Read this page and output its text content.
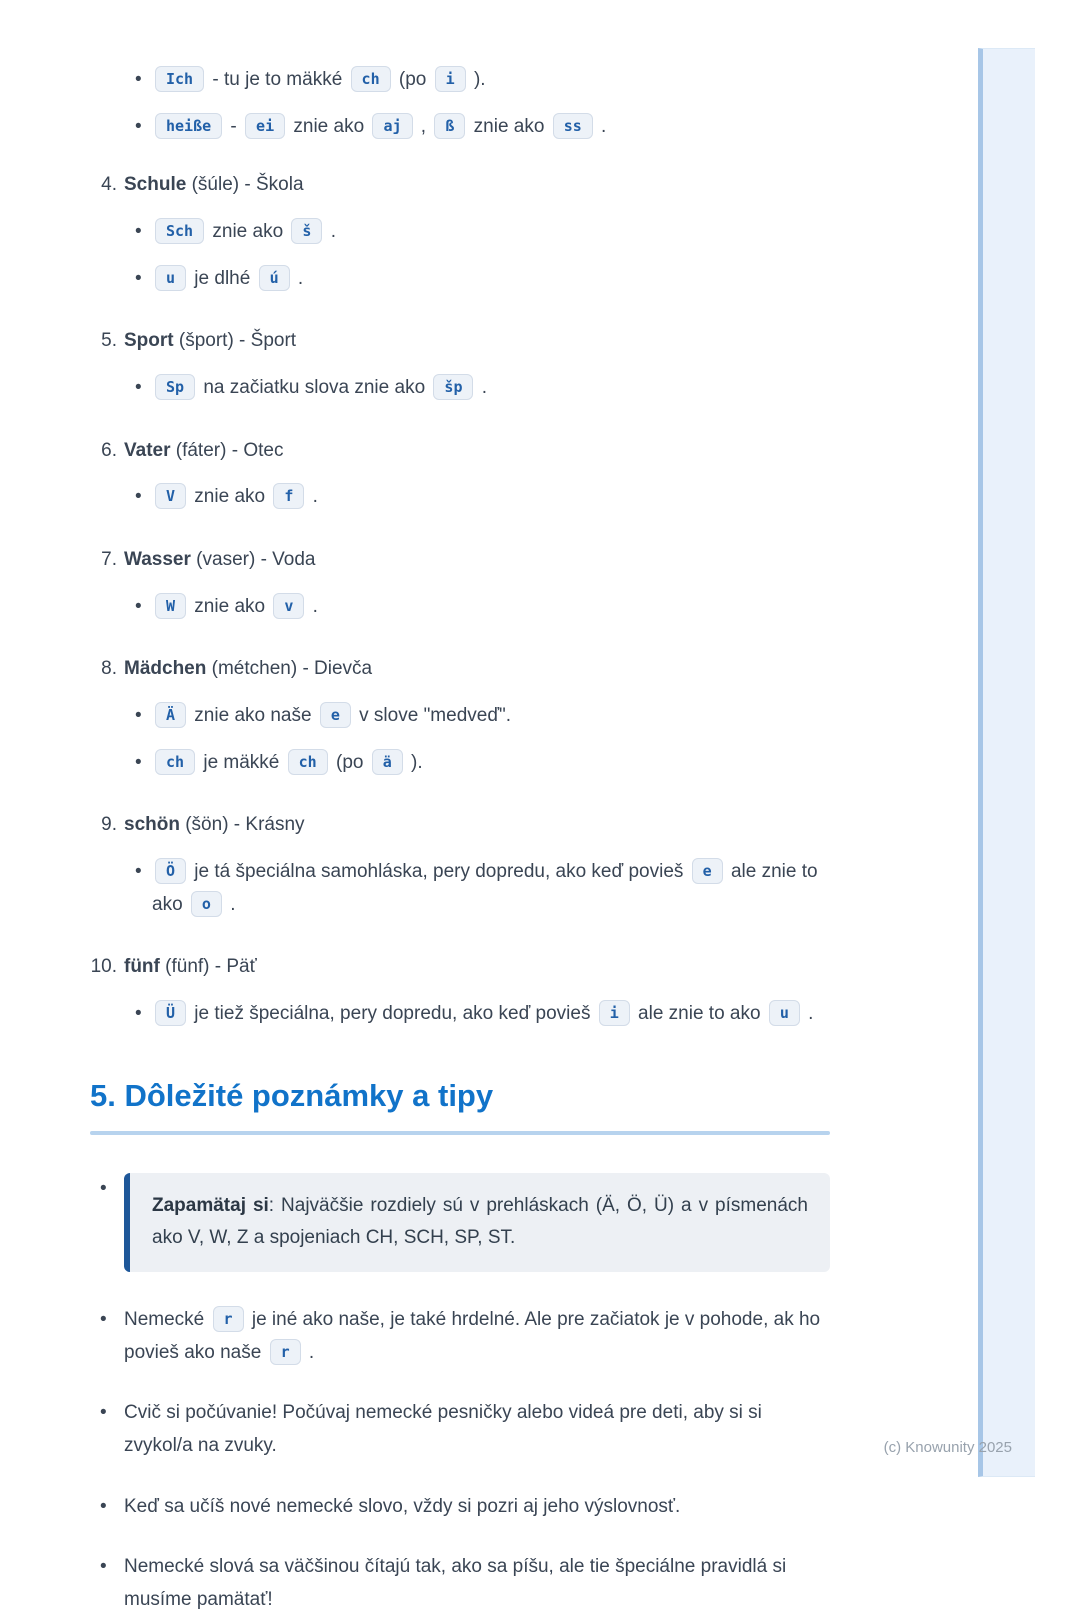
• Ich - tu je to mäkké ch (po i ).
• heiße - ei znie ako aj , ß znie ako ss .
4. Schule (šúle) - Škola
• Sch znie ako š .
• u je dlhé ú .
5. Sport (šport) - Šport
• Sp na začiatku slova znie ako šp .
6. Vater (fáter) - Otec
• V znie ako f .
7. Wasser (vaser) - Voda
• W znie ako v .
8. Mädchen (métchen) - Dievča
• Ä znie ako naše e v slove "medveď".
• ch je mäkké ch (po ä ).
9. schön (šön) - Krásny
• Ö je tá špeciálna samohláska, pery dopredu, ako keď povieš e ale znie to ako o .
10. fünf (fünf) - Päť
• Ü je tiež špeciálna, pery dopredu, ako keď povieš i ale znie to ako u .
5. Dôležité poznámky a tipy
• Zapamätaj si: Najväčšie rozdiely sú v prehláskach (Ä, Ö, Ü) a v písmenách ako V, W, Z a spojeniach CH, SCH, SP, ST.
• Nemecké r je iné ako naše, je také hrdelné. Ale pre začiatok je v pohode, ak ho povieš ako naše r .
• Cvič si počúvanie! Počúvaj nemecké pesničky alebo videá pre deti, aby si si zvykol/a na zvuky.
• Keď sa učíš nové nemecké slovo, vždy si pozri aj jeho výslovnosť.
• Nemecké slová sa väčšinou čítajú tak, ako sa píšu, ale tie špeciálne pravidlá si musíme pamätať!
(c) Knowunity 2025
